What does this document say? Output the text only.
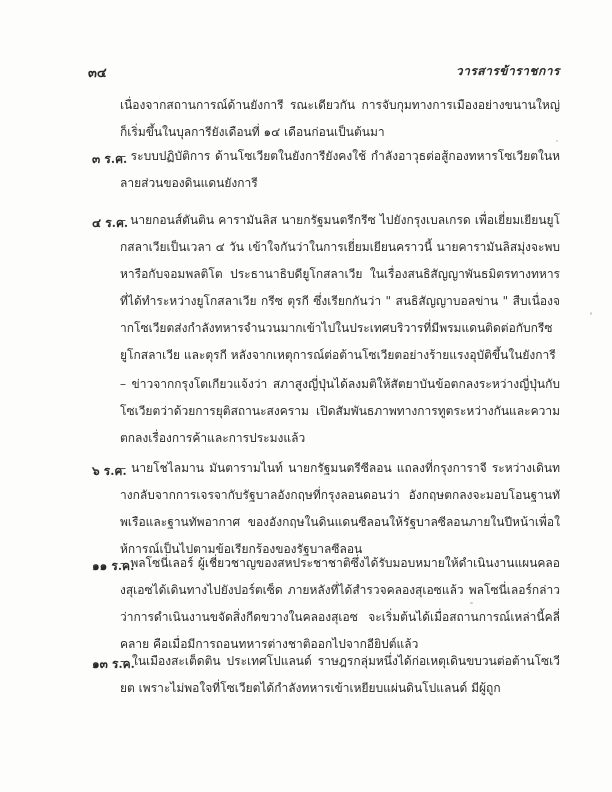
๓๔	วารสารข้าราชการ
เนื่องจากสถานการณ์ด้านยังการี รณะเดียวกัน การจับกุมทางการเมืองอย่างขนานใหญ่ก็เริ่มขึ้นในบุลการียังเดือนที่ ๑๔ เดือนก่อนเป็นต้นมา
๓ ร.ค.
– ระบบปฏิบัติการ ด้านโซเวียตในยังการียังคงใช้ กำลังอาวุธต่อสู้กองทหารโซเวียตในหลายส่วนของดินแดนยังการี
๔ ร.ค.
– นายกอนส์ตันติน คารามันลิส นายกรัฐมนตรีกรีซ ไปยังกรุงเบลเกรด เพื่อเยี่ยมเยียนยูโกสลาเวียเป็นเวลา ๔ วัน เข้าใจกันว่าในการเยี่ยมเยียนคราวนี้ นายคารามันลิสมุ่งจะพบหารือกับจอมพลติโต ประธานาธิบดียูโกสลาเวีย ในเรื่องสนธิสัญญาพันธมิตรทางทหารที่ได้ทำระหว่างยูโกสลาเวีย กรีซ ตุรกี ซึ่งเรียกกันว่า " สนธิสัญญาบอลข่าน " สืบเนื่องจากโซเวียตส่งกำลังทหารจำนวนมากเข้าไปในประเทศบริวารที่มีพรมแดนติดต่อกับกรีซ ยูโกสลาเวีย และตุรกี หลังจากเหตุการณ์ต่อต้านโซเวียตอย่างร้ายแรงอุบัติขึ้นในยังการี
– ข่าวจากกรุงโตเกียวแจ้งว่า สภาสูงญี่ปุ่นได้ลงมติให้สัตยาบันข้อตกลงระหว่างญี่ปุ่นกับโซเวียตว่าด้วยการยุติสถานะสงคราม เปิดสัมพันธภาพทางการทูตระหว่างกันและความตกลงเรื่องการค้าและการประมงแล้ว
๖ ร.ค.
– นายโชไลมาน มันตารามไนท์ นายกรัฐมนตรีซีลอน แถลงที่กรุงการาจี ระหว่างเดินทางกลับจากการเจรจากับรัฐบาลอังกฤษที่กรุงลอนดอนว่า อังกฤษตกลงจะมอบโอนฐานทัพเรือและฐานทัพอากาศ ของอังกฤษในดินแดนซีลอนให้รัฐบาลซีลอนภายในปีหน้าเพื่อให้การณ์เป็นไปตามข้อเรียกร้องของรัฐบาลซีลอน
๑๑ ร.ค.
– พลโซนี่เลอร์ ผู้เชี่ยวชาญของสหประชาชาติซึ่งได้รับมอบหมายให้ดำเนินงานแผนคลองสุเอซได้เดินทางไปยังปอร์ตเซ็ด ภายหลังที่ได้สำรวจคลองสุเอซแล้ว พลโซนี่เลอร์กล่าวว่าการดำเนินงานขจัดสิ่งกีดขวางในคลองสุเอซ จะเริ่มต้นได้เมื่อสถานการณ์เหล่านี้คลี่คลาย คือเมื่อมีการถอนทหารต่างชาติออกไปจากอียิปต์แล้ว
๑๓ ร.ค.
– ในเมืองสะเต็ดติน ประเทศโปแลนด์ ราษฎรกลุ่มหนึ่งได้ก่อเหตุเดินขบวนต่อต้านโซเวียต เพราะไม่พอใจที่โซเวียตได้กำลังทหารเข้าเหยียบแผ่นดินโปแลนด์ มีผู้ถูก
